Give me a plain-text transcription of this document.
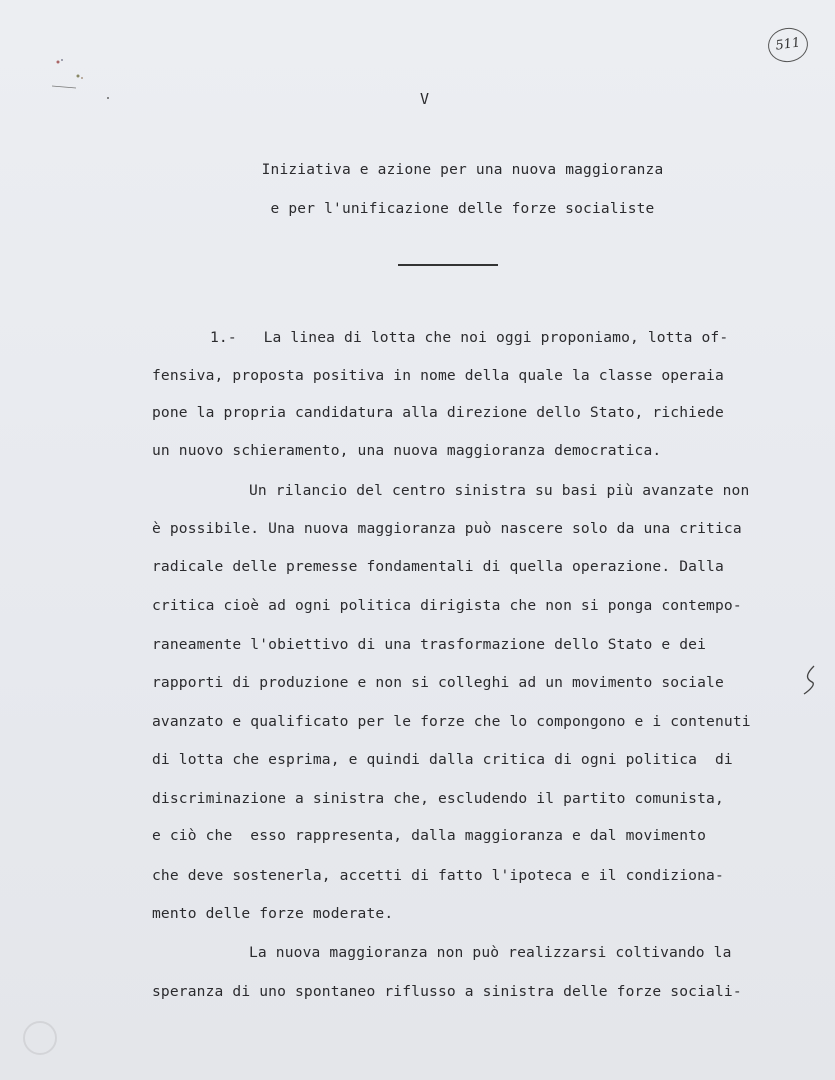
511
V
Iniziativa e azione per una nuova maggioranza
e per l'unificazione delle forze socialiste
1.-   La linea di lotta che noi oggi proponiamo, lotta of-
fensiva, proposta positiva in nome della quale la classe operaia
pone la propria candidatura alla direzione dello Stato, richiede
un nuovo schieramento, una nuova maggioranza democratica.
Un rilancio del centro sinistra su basi più avanzate non
è possibile. Una nuova maggioranza può nascere solo da una critica
radicale delle premesse fondamentali di quella operazione. Dalla
critica cioè ad ogni politica dirigista che non si ponga contempo-
raneamente l'obiettivo di una trasformazione dello Stato e dei
rapporti di produzione e non si colleghi ad un movimento sociale
avanzato e qualificato per le forze che lo compongono e i contenuti
di lotta che esprima, e quindi dalla critica di ogni politica  di
discriminazione a sinistra che, escludendo il partito comunista,
e ciò che  esso rappresenta, dalla maggioranza e dal movimento
che deve sostenerla, accetti di fatto l'ipoteca e il condiziona-
mento delle forze moderate.
La nuova maggioranza non può realizzarsi coltivando la
speranza di uno spontaneo riflusso a sinistra delle forze sociali-
